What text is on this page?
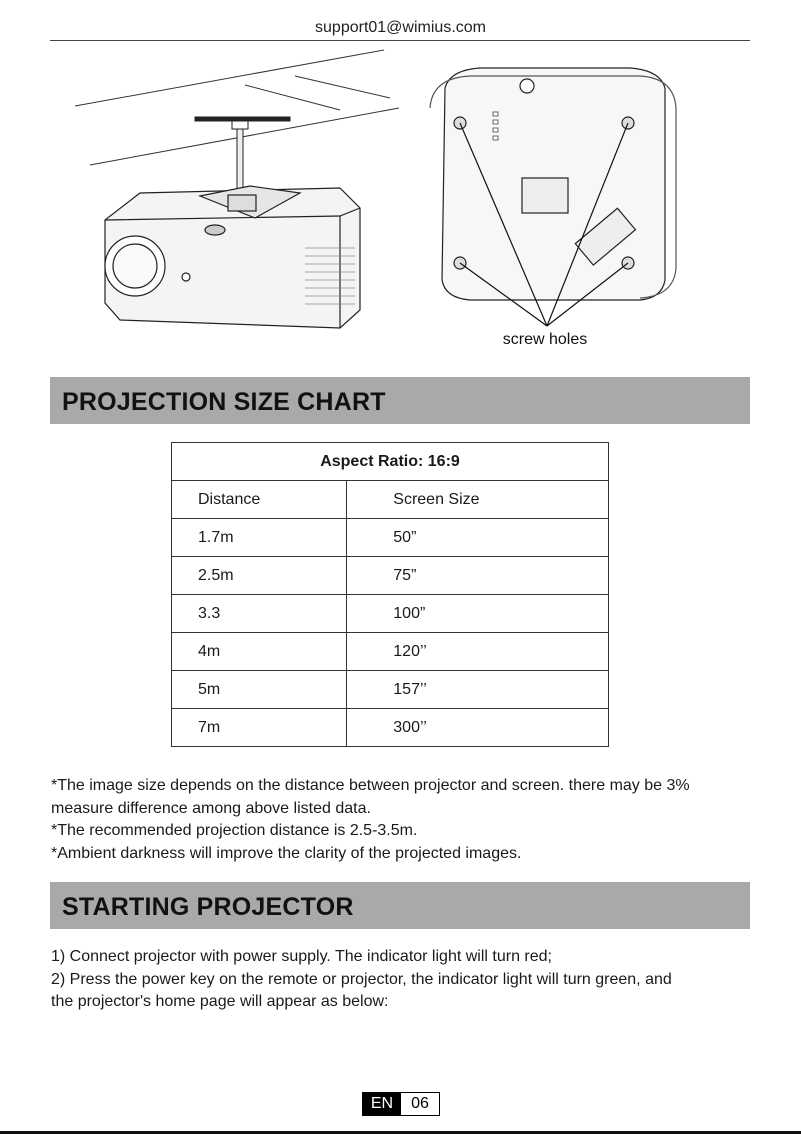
support01@wimius.com
screw holes
PROJECTION SIZE CHART
Aspect Ratio: 16:9	
Distance	Screen Size
1.7m	50”
2.5m	75”
3.3	100”
4m	120’’
5m	157’’
7m	300’’
*The image size depends on the distance between projector and screen. there may be 3%
measure difference among above listed data.
*The recommended projection distance is 2.5-3.5m.
*Ambient darkness will improve the clarity of the projected images.
STARTING PROJECTOR
1) Connect projector with power supply. The indicator light will turn red;
2) Press the power key on the remote or projector, the indicator light will turn green, and
the projector's home page will appear as below:
EN	06
